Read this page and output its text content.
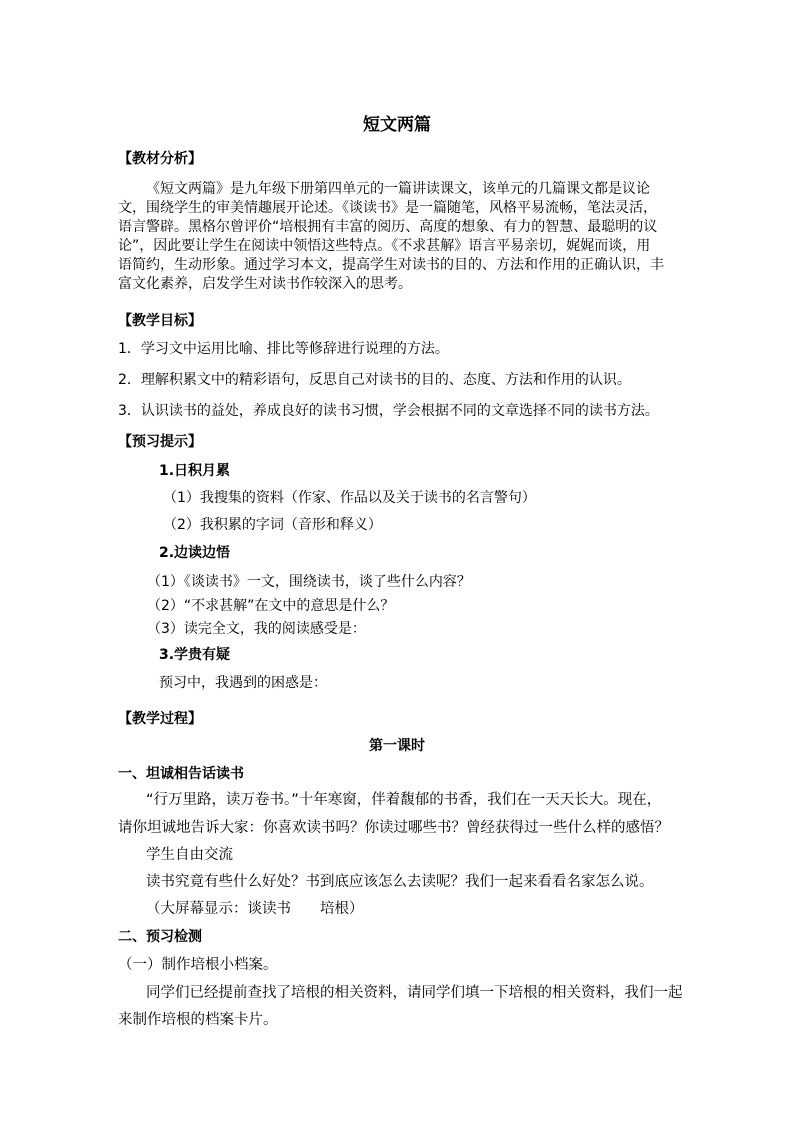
短文两篇
【教材分析】
《短文两篇》是九年级下册第四单元的一篇讲读课文，该单元的几篇课文都是议论
文，围绕学生的审美情趣展开论述。《谈读书》是一篇随笔，风格平易流畅，笔法灵活，
语言警辟。黑格尔曾评价“培根拥有丰富的阅历、高度的想象、有力的智慧、最聪明的议
论”，因此要让学生在阅读中领悟这些特点。《不求甚解》语言平易亲切，娓娓而谈，用
语简约，生动形象。通过学习本文，提高学生对读书的目的、方法和作用的正确认识，丰
富文化素养，启发学生对读书作较深入的思考。
【教学目标】
1．学习文中运用比喻、排比等修辞进行说理的方法。
2．理解积累文中的精彩语句，反思自己对读书的目的、态度、方法和作用的认识。
3．认识读书的益处，养成良好的读书习惯，学会根据不同的文章选择不同的读书方法。
【预习提示】
1.日积月累
（1）我搜集的资料（作家、作品以及关于读书的名言警句）
（2）我积累的字词（音形和释义）
2.边读边悟
（1）《谈读书》一文，围绕读书，谈了些什么内容？
（2）“不求甚解”在文中的意思是什么？
（3）读完全文，我的阅读感受是：
3.学贵有疑
预习中，我遇到的困惑是：
【教学过程】
第一课时
一、坦诚相告话读书
“行万里路，读万卷书。”十年寒窗，伴着馥郁的书香，我们在一天天长大。现在，
请你坦诚地告诉大家：你喜欢读书吗？你读过哪些书？曾经获得过一些什么样的感悟？
学生自由交流
读书究竟有些什么好处？书到底应该怎么去读呢？我们一起来看看名家怎么说。
（大屏幕显示：谈读书　　培根）
二、预习检测
（一）制作培根小档案。
同学们已经提前查找了培根的相关资料，请同学们填一下培根的相关资料，我们一起
来制作培根的档案卡片。
